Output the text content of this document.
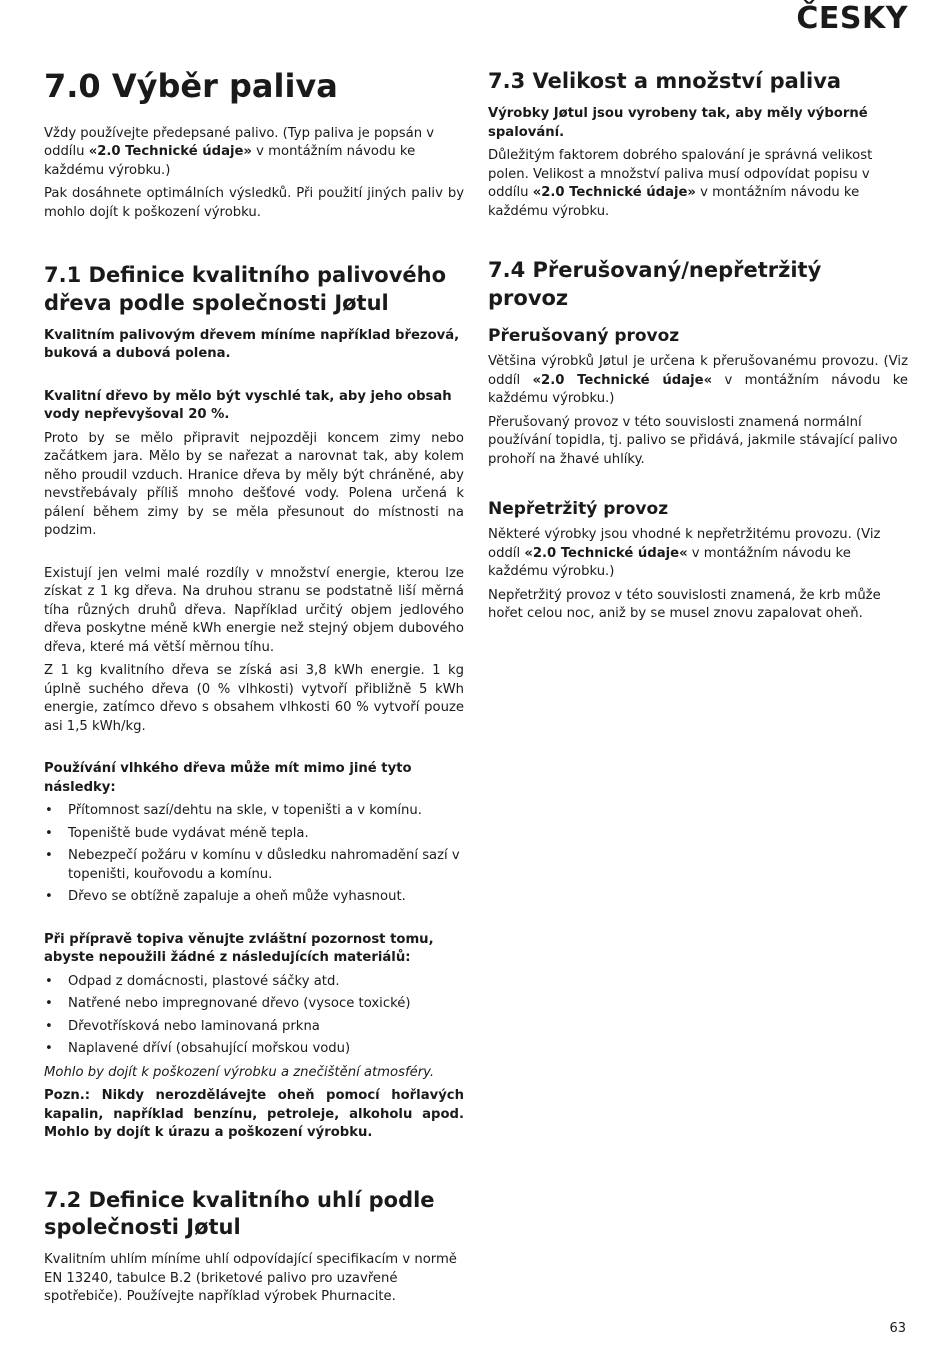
ČESKY

7.0 Výběr paliva

Vždy používejte předepsané palivo. (Typ paliva je popsán v oddílu «2.0 Technické údaje» v montážním návodu ke každému výrobku.)

Pak dosáhnete optimálních výsledků. Při použití jiných paliv by mohlo dojít k poškození výrobku.

7.1 Definice kvalitního palivového dřeva podle společnosti Jøtul

Kvalitním palivovým dřevem míníme například březová, buková a dubová polena.

Kvalitní dřevo by mělo být vyschlé tak, aby jeho obsah vody nepřevyšoval 20 %.

Proto by se mělo připravit nejpozději koncem zimy nebo začátkem jara. Mělo by se nařezat a narovnat tak, aby kolem něho proudil vzduch. Hranice dřeva by měly být chráněné, aby nevstřebávaly příliš mnoho dešťové vody. Polena určená k pálení během zimy by se měla přesunout do místnosti na podzim.

Existují jen velmi malé rozdíly v množství energie, kterou lze získat z 1 kg dřeva. Na druhou stranu se podstatně liší měrná tíha různých druhů dřeva. Například určitý objem jedlového dřeva poskytne méně kWh energie než stejný objem dubového dřeva, které má větší měrnou tíhu.

Z 1 kg kvalitního dřeva se získá asi 3,8 kWh energie. 1 kg úplně suchého dřeva (0 % vlhkosti) vytvoří přibližně 5 kWh energie, zatímco dřevo s obsahem vlhkosti 60 % vytvoří pouze asi 1,5 kWh/kg.

Používání vlhkého dřeva může mít mimo jiné tyto následky:

• Přítomnost sazí/dehtu na skle, v topeništi a v komínu.
• Topeniště bude vydávat méně tepla.
• Nebezpečí požáru v komínu v důsledku nahromadění sazí v topeništi, kouřovodu a komínu.
• Dřevo se obtížně zapaluje a oheň může vyhasnout.

Při přípravě topiva věnujte zvláštní pozornost tomu, abyste nepoužili žádné z následujících materiálů:

• Odpad z domácnosti, plastové sáčky atd.
• Natřené nebo impregnované dřevo (vysoce toxické)
• Dřevotřísková nebo laminovaná prkna
• Naplavené dříví (obsahující mořskou vodu)

Mohlo by dojít k poškození výrobku a znečištění atmosféry.

Pozn.: Nikdy nerozdělávejte oheň pomocí hořlavých kapalin, například benzínu, petroleje, alkoholu apod. Mohlo by dojít k úrazu a poškození výrobku.

7.2 Definice kvalitního uhlí podle společnosti Jøtul

Kvalitním uhlím míníme uhlí odpovídající specifikacím v normě EN 13240, tabulce B.2 (briketové palivo pro uzavřené spotřebiče). Používejte například výrobek Phurnacite.

7.3 Velikost a množství paliva

Výrobky Jøtul jsou vyrobeny tak, aby měly výborné spalování.

Důležitým faktorem dobrého spalování je správná velikost polen. Velikost a množství paliva musí odpovídat popisu v oddílu «2.0 Technické údaje» v montážním návodu ke každému výrobku.

7.4 Přerušovaný/nepřetržitý provoz
Přerušovaný provoz

Většina výrobků Jøtul je určena k přerušovanému provozu. (Viz oddíl «2.0 Technické údaje« v montážním návodu ke každému výrobku.)

Přerušovaný provoz v této souvislosti znamená normální používání topidla, tj. palivo se přidává, jakmile stávající palivo prohoří na žhavé uhlíky.

Nepřetržitý provoz

Některé výrobky jsou vhodné k nepřetržitému provozu. (Viz oddíl «2.0 Technické údaje« v montážním návodu ke každému výrobku.)

Nepřetržitý provoz v této souvislosti znamená, že krb může hořet celou noc, aniž by se musel znovu zapalovat oheň.

63
